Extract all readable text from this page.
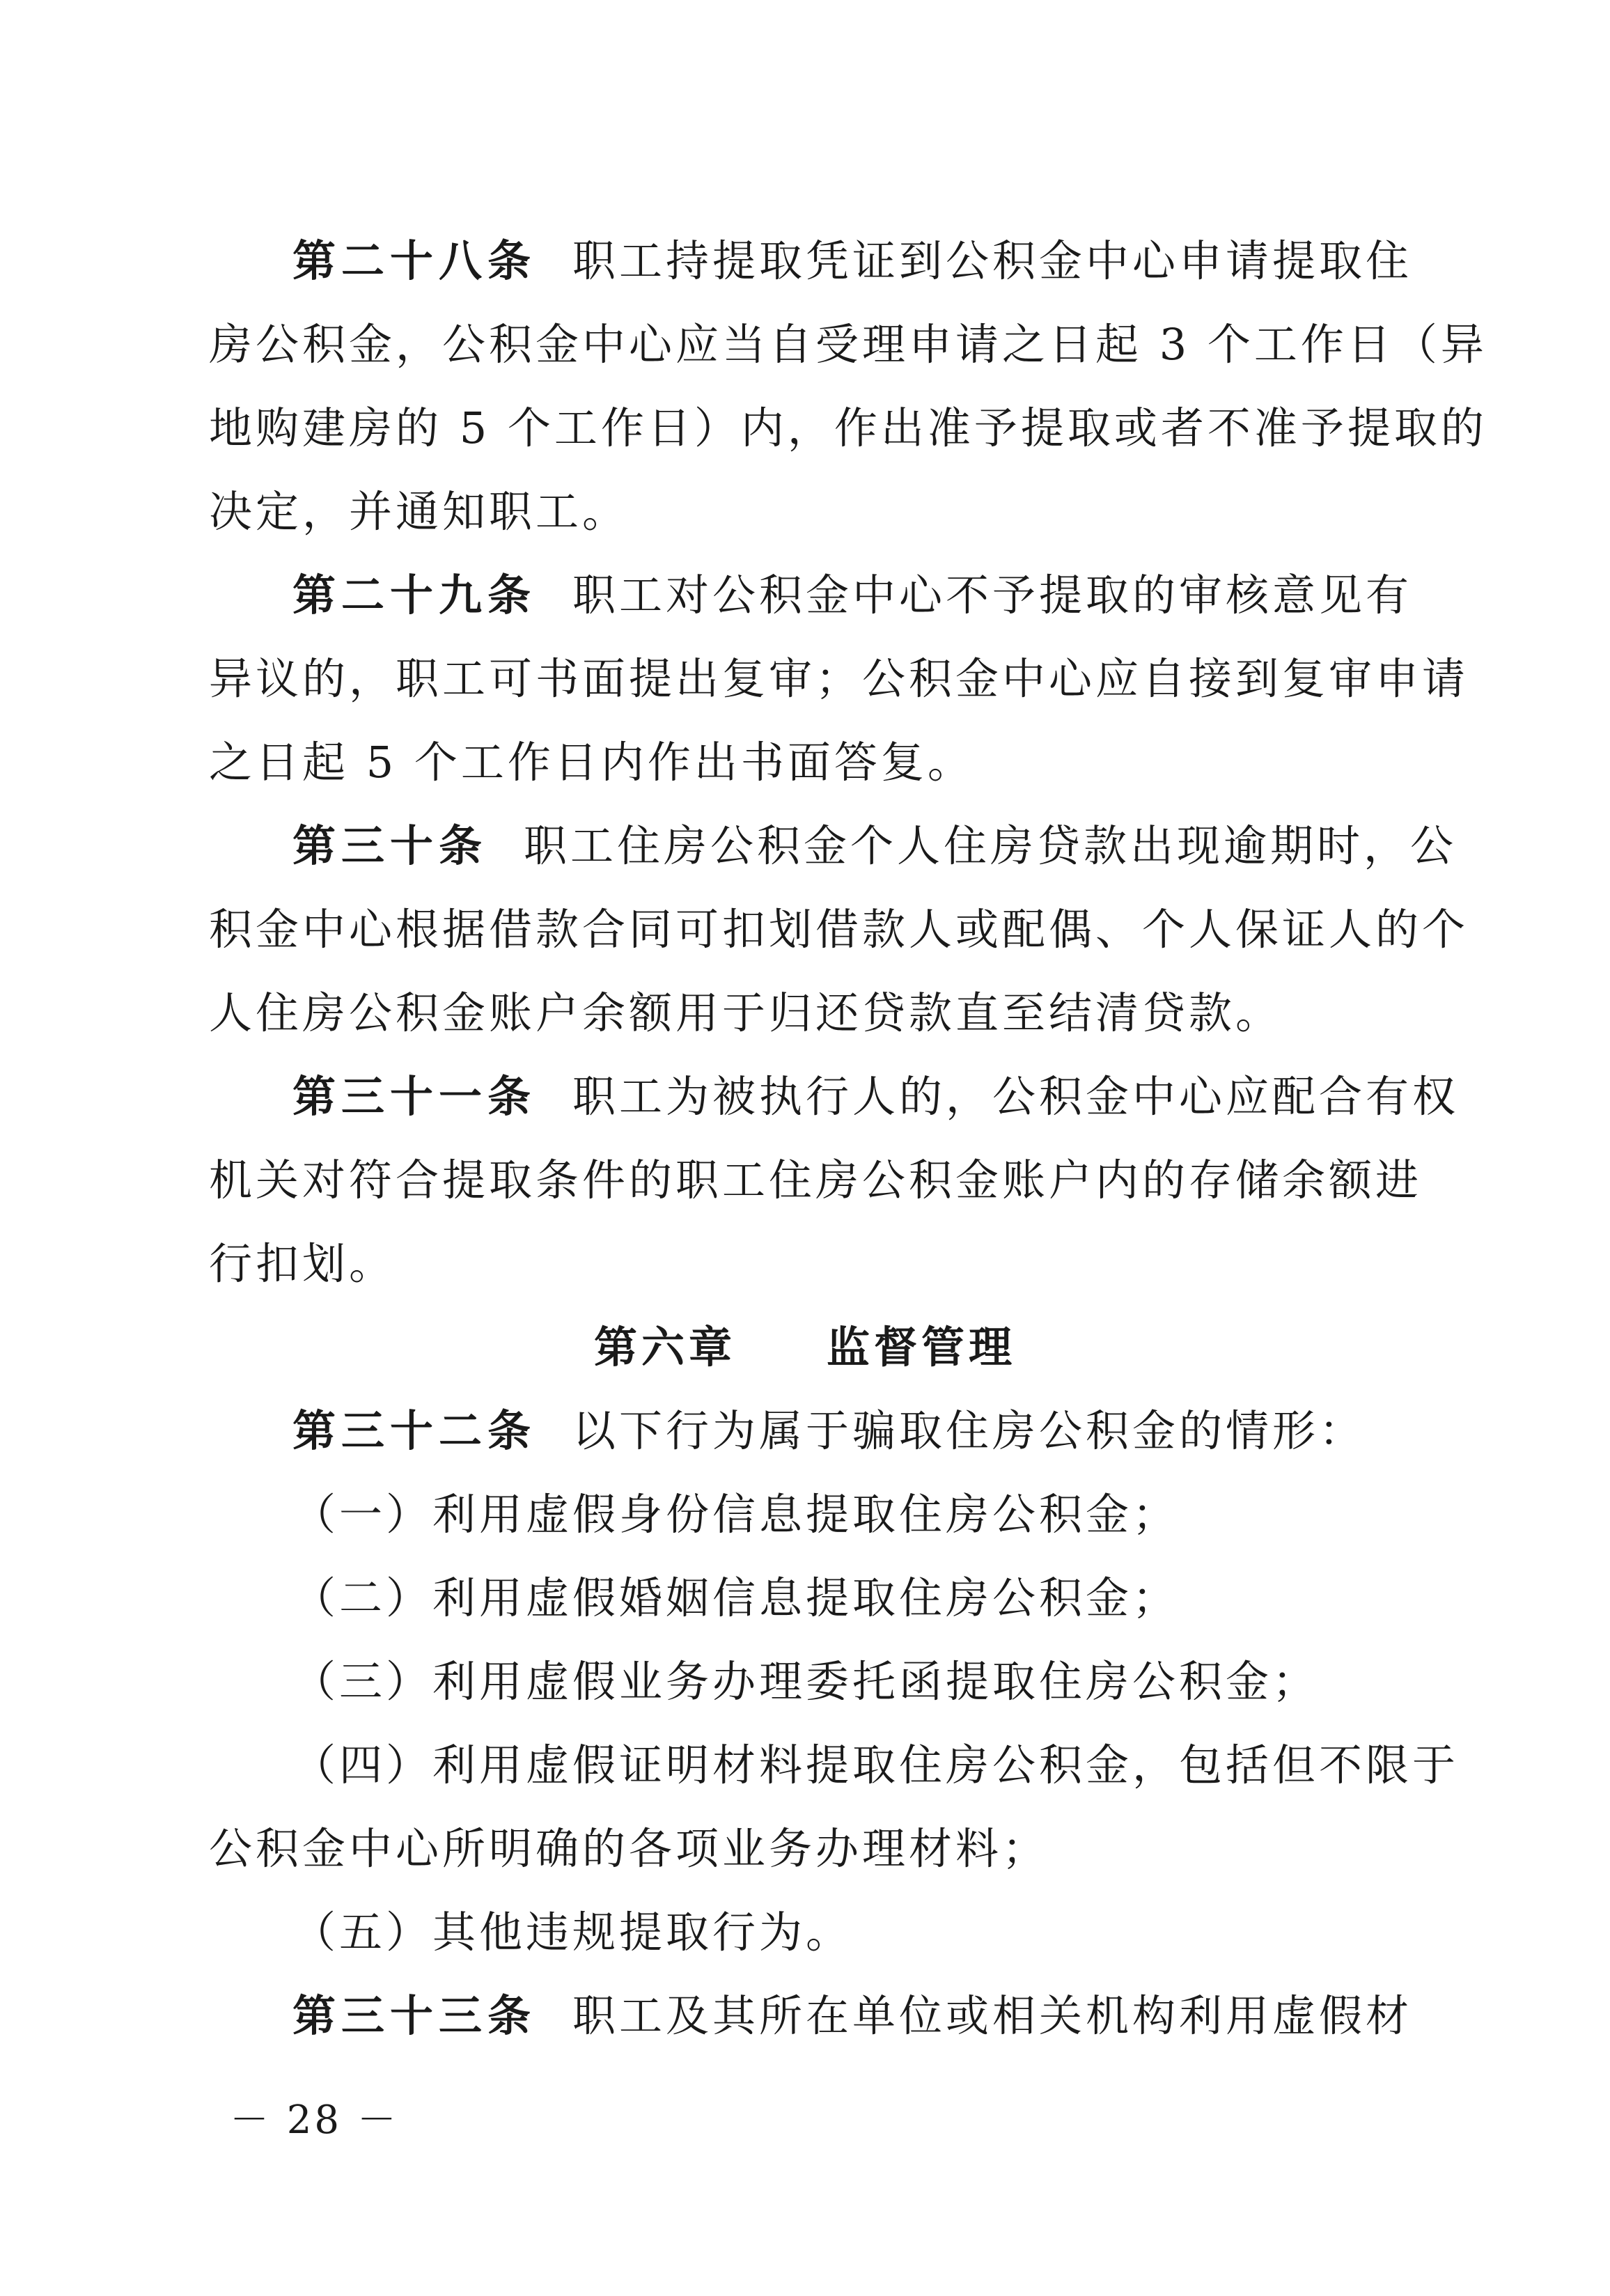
第二十八条 职工持提取凭证到公积金中心申请提取住
房公积金，公积金中心应当自受理申请之日起 3 个工作日（异
地购建房的 5 个工作日）内，作出准予提取或者不准予提取的
决定，并通知职工。
第二十九条 职工对公积金中心不予提取的审核意见有
异议的，职工可书面提出复审；公积金中心应自接到复审申请
之日起 5 个工作日内作出书面答复。
第三十条 职工住房公积金个人住房贷款出现逾期时，公
积金中心根据借款合同可扣划借款人或配偶、个人保证人的个
人住房公积金账户余额用于归还贷款直至结清贷款。
第三十一条 职工为被执行人的，公积金中心应配合有权
机关对符合提取条件的职工住房公积金账户内的存储余额进
行扣划。
第六章 监督管理
第三十二条 以下行为属于骗取住房公积金的情形：
（一）利用虚假身份信息提取住房公积金；
（二）利用虚假婚姻信息提取住房公积金；
（三）利用虚假业务办理委托函提取住房公积金；
（四）利用虚假证明材料提取住房公积金，包括但不限于
公积金中心所明确的各项业务办理材料；
（五）其他违规提取行为。
第三十三条 职工及其所在单位或相关机构利用虚假材
－ 28 －
